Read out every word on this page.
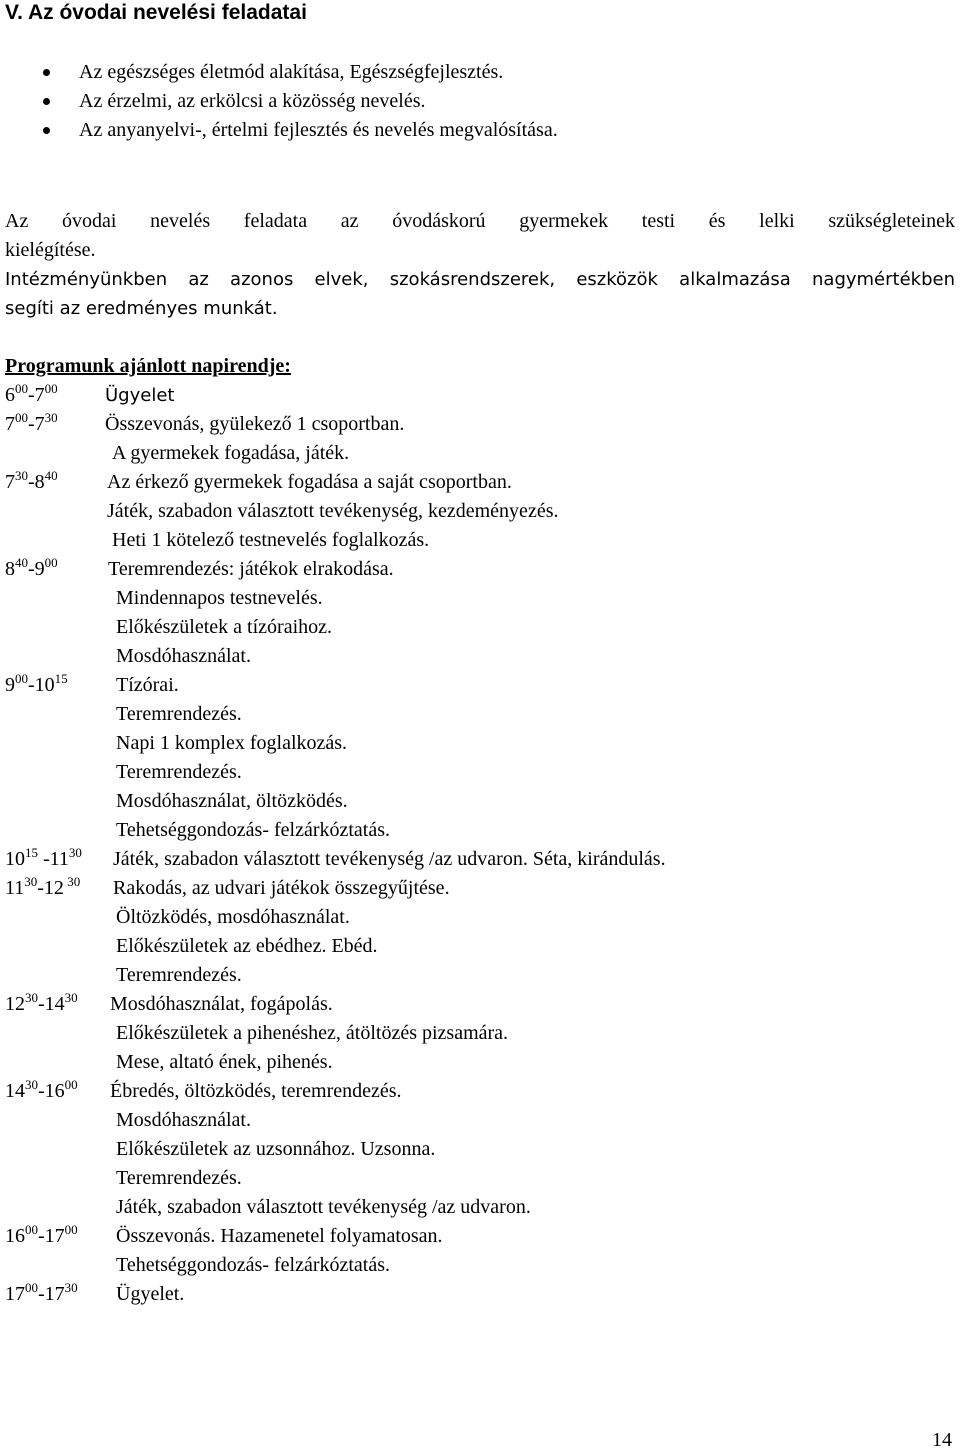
V. Az óvodai nevelési feladatai
Az egészséges életmód alakítása, Egészségfejlesztés.
Az érzelmi, az erkölcsi a közösség nevelés.
Az anyanyelvi-, értelmi fejlesztés és nevelés megvalósítása.

Az óvodai nevelés feladata az óvodáskorú gyermekek testi és lelki szükségleteinek
kielégítése.

Intézményünkben az azonos elvek, szokásrendszerek, eszközök alkalmazása nagymértékben
segíti az eredményes munkát.

Programunk ajánlott napirendje:
$6^{00}-7^{00}$	Ügyelet
$7^{00}-7^{30}$ Összevonás, gyülekező 1 csoportban.
A gyermekek fogadása, játék.
$7^{30}-8^{40}$ Az érkező gyermekek fogadása a saját csoportban.
Játék, szabadon választott tevékenység, kezdeményezés.
Heti 1 kötelező testnevelés foglalkozás.
$8^{40}-9^{00}$	Teremrendezés: játékok elrakodása.
Mindennapos testnevelés.
Előkészületek a tízóraihoz.
Mosdóhasználat.
$9^{00}-10^{15}$ Tízórai.
Teremrendezés.
Napi 1 komplex foglalkozás.
Teremrendezés.
Mosdóhasználat, öltözködés.
Tehetséggondozás- felzárkóztatás.
$10^{15}$ $-11^{30}$ Játék, szabadon választott tevékenység /az udvaron. Séta, kirándulás.
$11^{30}-12$ $^{30}$ Rakodás, az udvari játékok összegyűjtése.
Öltözködés, mosdóhasználat.
Előkészületek az ebédhez. Ebéd.
Teremrendezés.
$12^{30}-14^{30}$ Mosdóhasználat, fogápolás.
Előkészületek a pihenéshez, átöltözés pizsamára.
Mese, altató ének, pihenés.
$14^{30}-16^{00}$ Ébredés, öltözködés, teremrendezés.
Mosdóhasználat.
Előkészületek az uzsonnához. Uzsonna.
Teremrendezés.
Játék, szabadon választott tevékenység /az udvaron.
$16^{00}-17^{00}$ Összevonás. Hazamenetel folyamatosan.
Tehetséggondozás- felzárkóztatás.
$17^{00}-17^{30}$ Ügyelet.
14
